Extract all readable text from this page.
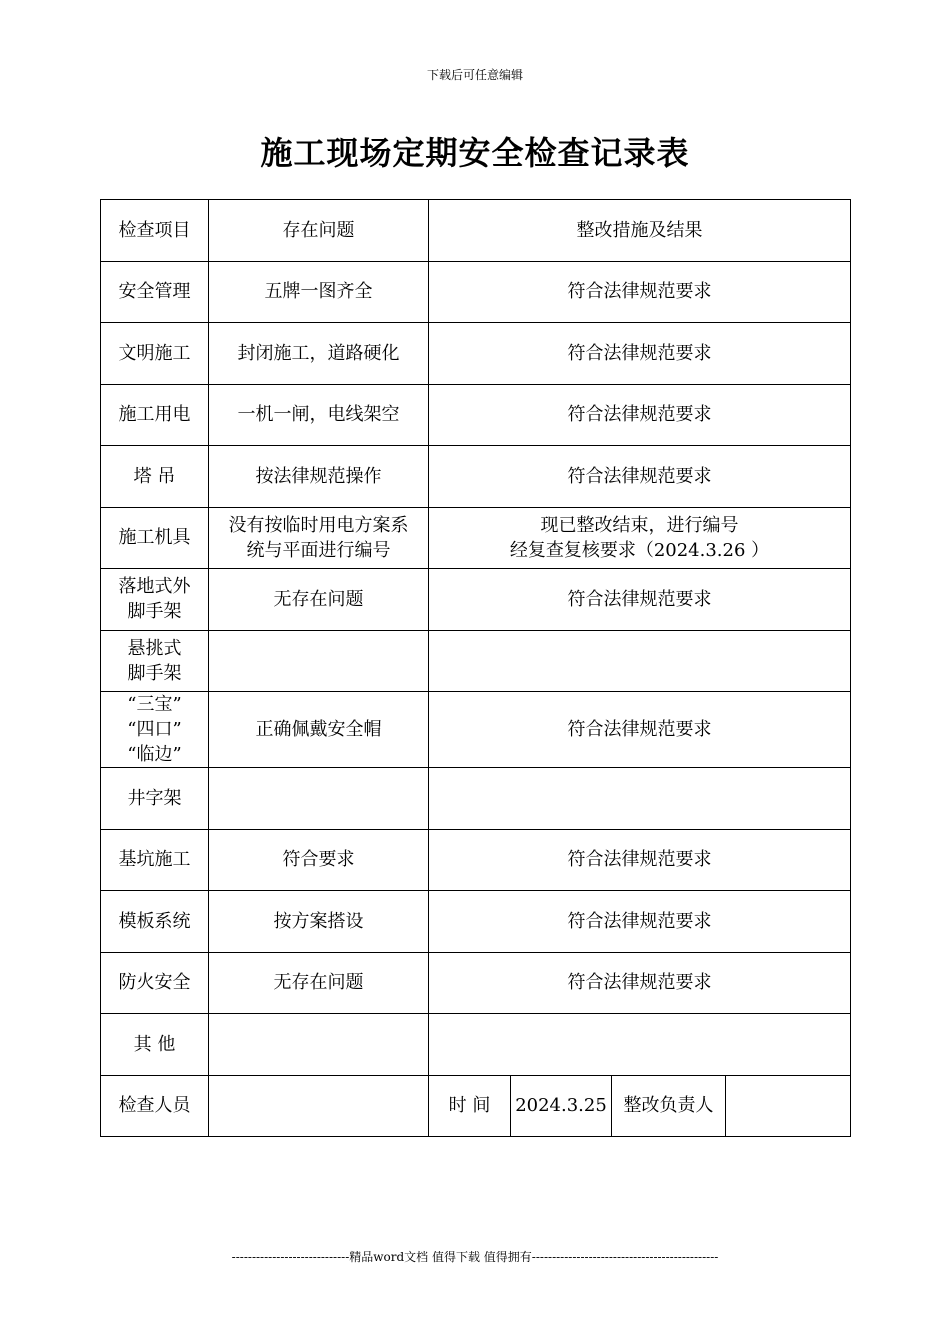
下载后可任意编辑
施工现场定期安全检查记录表
检查项目	存在问题	整改措施及结果			

安全管理	五牌一图齐全	符合法律规范要求			

文明施工	封闭施工，道路硬化	符合法律规范要求			

施工用电	一机一闸，电线架空	符合法律规范要求			

塔 吊	按法律规范操作	符合法律规范要求			

施工机具	没有按临时用电方案系
统与平面进行编号	现已整改结束，进行编号
经复查复核要求（2024.3.26 ）			

落地式外
脚手架	无存在问题	符合法律规范要求			

悬挑式
脚手架					

“三宝”
“四口”
“临边”	正确佩戴安全帽	符合法律规范要求			

井字架					

基坑施工	符合要求	符合法律规范要求			

模板系统	按方案搭设	符合法律规范要求			

防火安全	无存在问题	符合法律规范要求			

其 他					

检查人员		时 间	2024.3.25	整改负责人	
-----------------------------精品word文档 值得下载 值得拥有----------------------------------------------
